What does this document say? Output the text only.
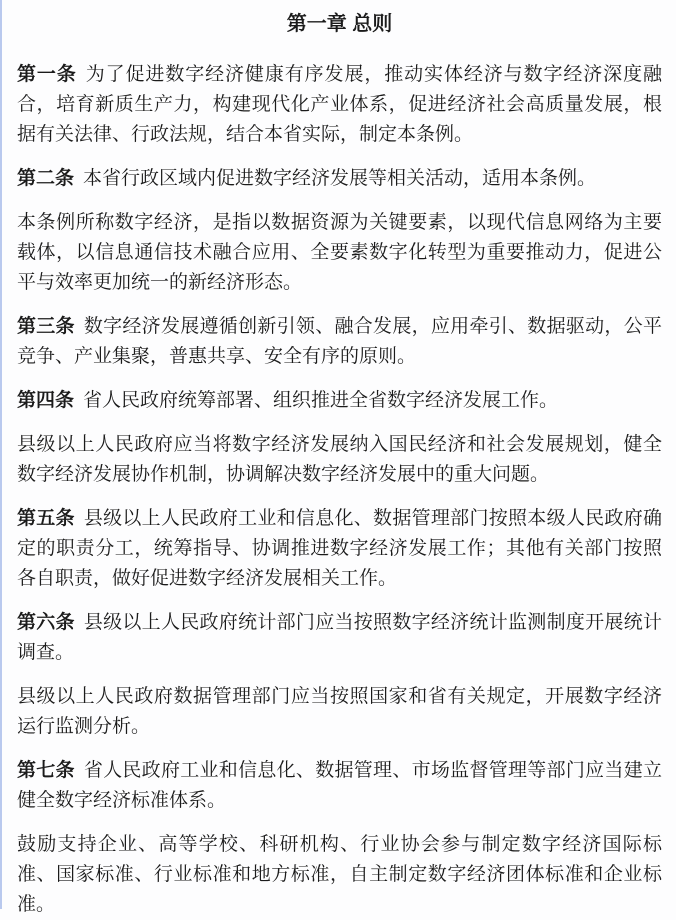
第一章 总则

第一条 为了促进数字经济健康有序发展，推动实体经济与数字经济深度融合，培育新质生产力，构建现代化产业体系，促进经济社会高质量发展，根据有关法律、行政法规，结合本省实际，制定本条例。

第二条 本省行政区域内促进数字经济发展等相关活动，适用本条例。

本条例所称数字经济，是指以数据资源为关键要素，以现代信息网络为主要载体，以信息通信技术融合应用、全要素数字化转型为重要推动力，促进公平与效率更加统一的新经济形态。

第三条 数字经济发展遵循创新引领、融合发展，应用牵引、数据驱动，公平竞争、产业集聚，普惠共享、安全有序的原则。

第四条 省人民政府统筹部署、组织推进全省数字经济发展工作。

县级以上人民政府应当将数字经济发展纳入国民经济和社会发展规划，健全数字经济发展协作机制，协调解决数字经济发展中的重大问题。

第五条 县级以上人民政府工业和信息化、数据管理部门按照本级人民政府确定的职责分工，统筹指导、协调推进数字经济发展工作；其他有关部门按照各自职责，做好促进数字经济发展相关工作。

第六条 县级以上人民政府统计部门应当按照数字经济统计监测制度开展统计调查。

县级以上人民政府数据管理部门应当按照国家和省有关规定，开展数字经济运行监测分析。

第七条 省人民政府工业和信息化、数据管理、市场监督管理等部门应当建立健全数字经济标准体系。

鼓励支持企业、高等学校、科研机构、行业协会参与制定数字经济国际标准、国家标准、行业标准和地方标准，自主制定数字经济团体标准和企业标准。
